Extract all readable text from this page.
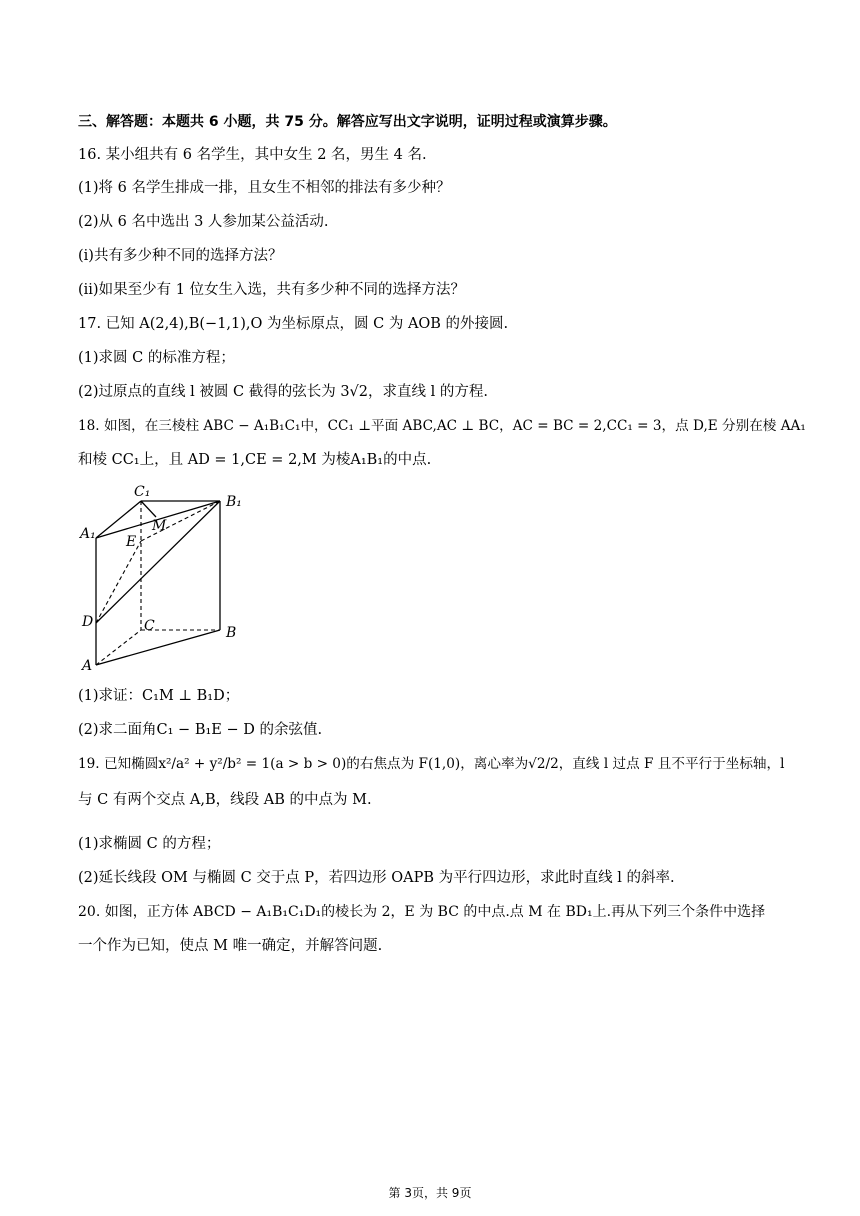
三、解答题：本题共 6 小题，共 75 分。解答应写出文字说明，证明过程或演算步骤。
16. 某小组共有 6 名学生，其中女生 2 名，男生 4 名.
(1)将 6 名学生排成一排，且女生不相邻的排法有多少种？
(2)从 6 名中选出 3 人参加某公益活动.
(i)共有多少种不同的选择方法？
(ii)如果至少有 1 位女生入选，共有多少种不同的选择方法？
17. 已知 A(2,4),B(−1,1),O 为坐标原点，圆 C 为 AOB 的外接圆.
(1)求圆 C 的标准方程；
(2)过原点的直线 l 被圆 C 截得的弦长为 3√2，求直线 l 的方程.
18. 如图，在三棱柱 ABC − A₁B₁C₁中，CC₁ ⊥平面 ABC,AC ⊥ BC，AC = BC = 2,CC₁ = 3，点 D,E 分别在棱 AA₁
和棱 CC₁上，且 AD = 1,CE = 2,M 为棱A₁B₁的中点.
C₁
B₁
A₁	M
E
D	C	B
A
(1)求证：C₁M ⊥ B₁D；
(2)求二面角C₁ − B₁E − D 的余弦值.
19. 已知椭圆x²/a² + y²/b² = 1(a > b > 0)的右焦点为 F(1,0)，离心率为√2/2，直线 l 过点 F 且不平行于坐标轴，l
与 C 有两个交点 A,B，线段 AB 的中点为 M.
(1)求椭圆 C 的方程；
(2)延长线段 OM 与椭圆 C 交于点 P，若四边形 OAPB 为平行四边形，求此时直线 l 的斜率.
20. 如图，正方体 ABCD − A₁B₁C₁D₁的棱长为 2，E 为 BC 的中点.点 M 在 BD₁上.再从下列三个条件中选择
一个作为已知，使点 M 唯一确定，并解答问题.
第 3页，共 9页
